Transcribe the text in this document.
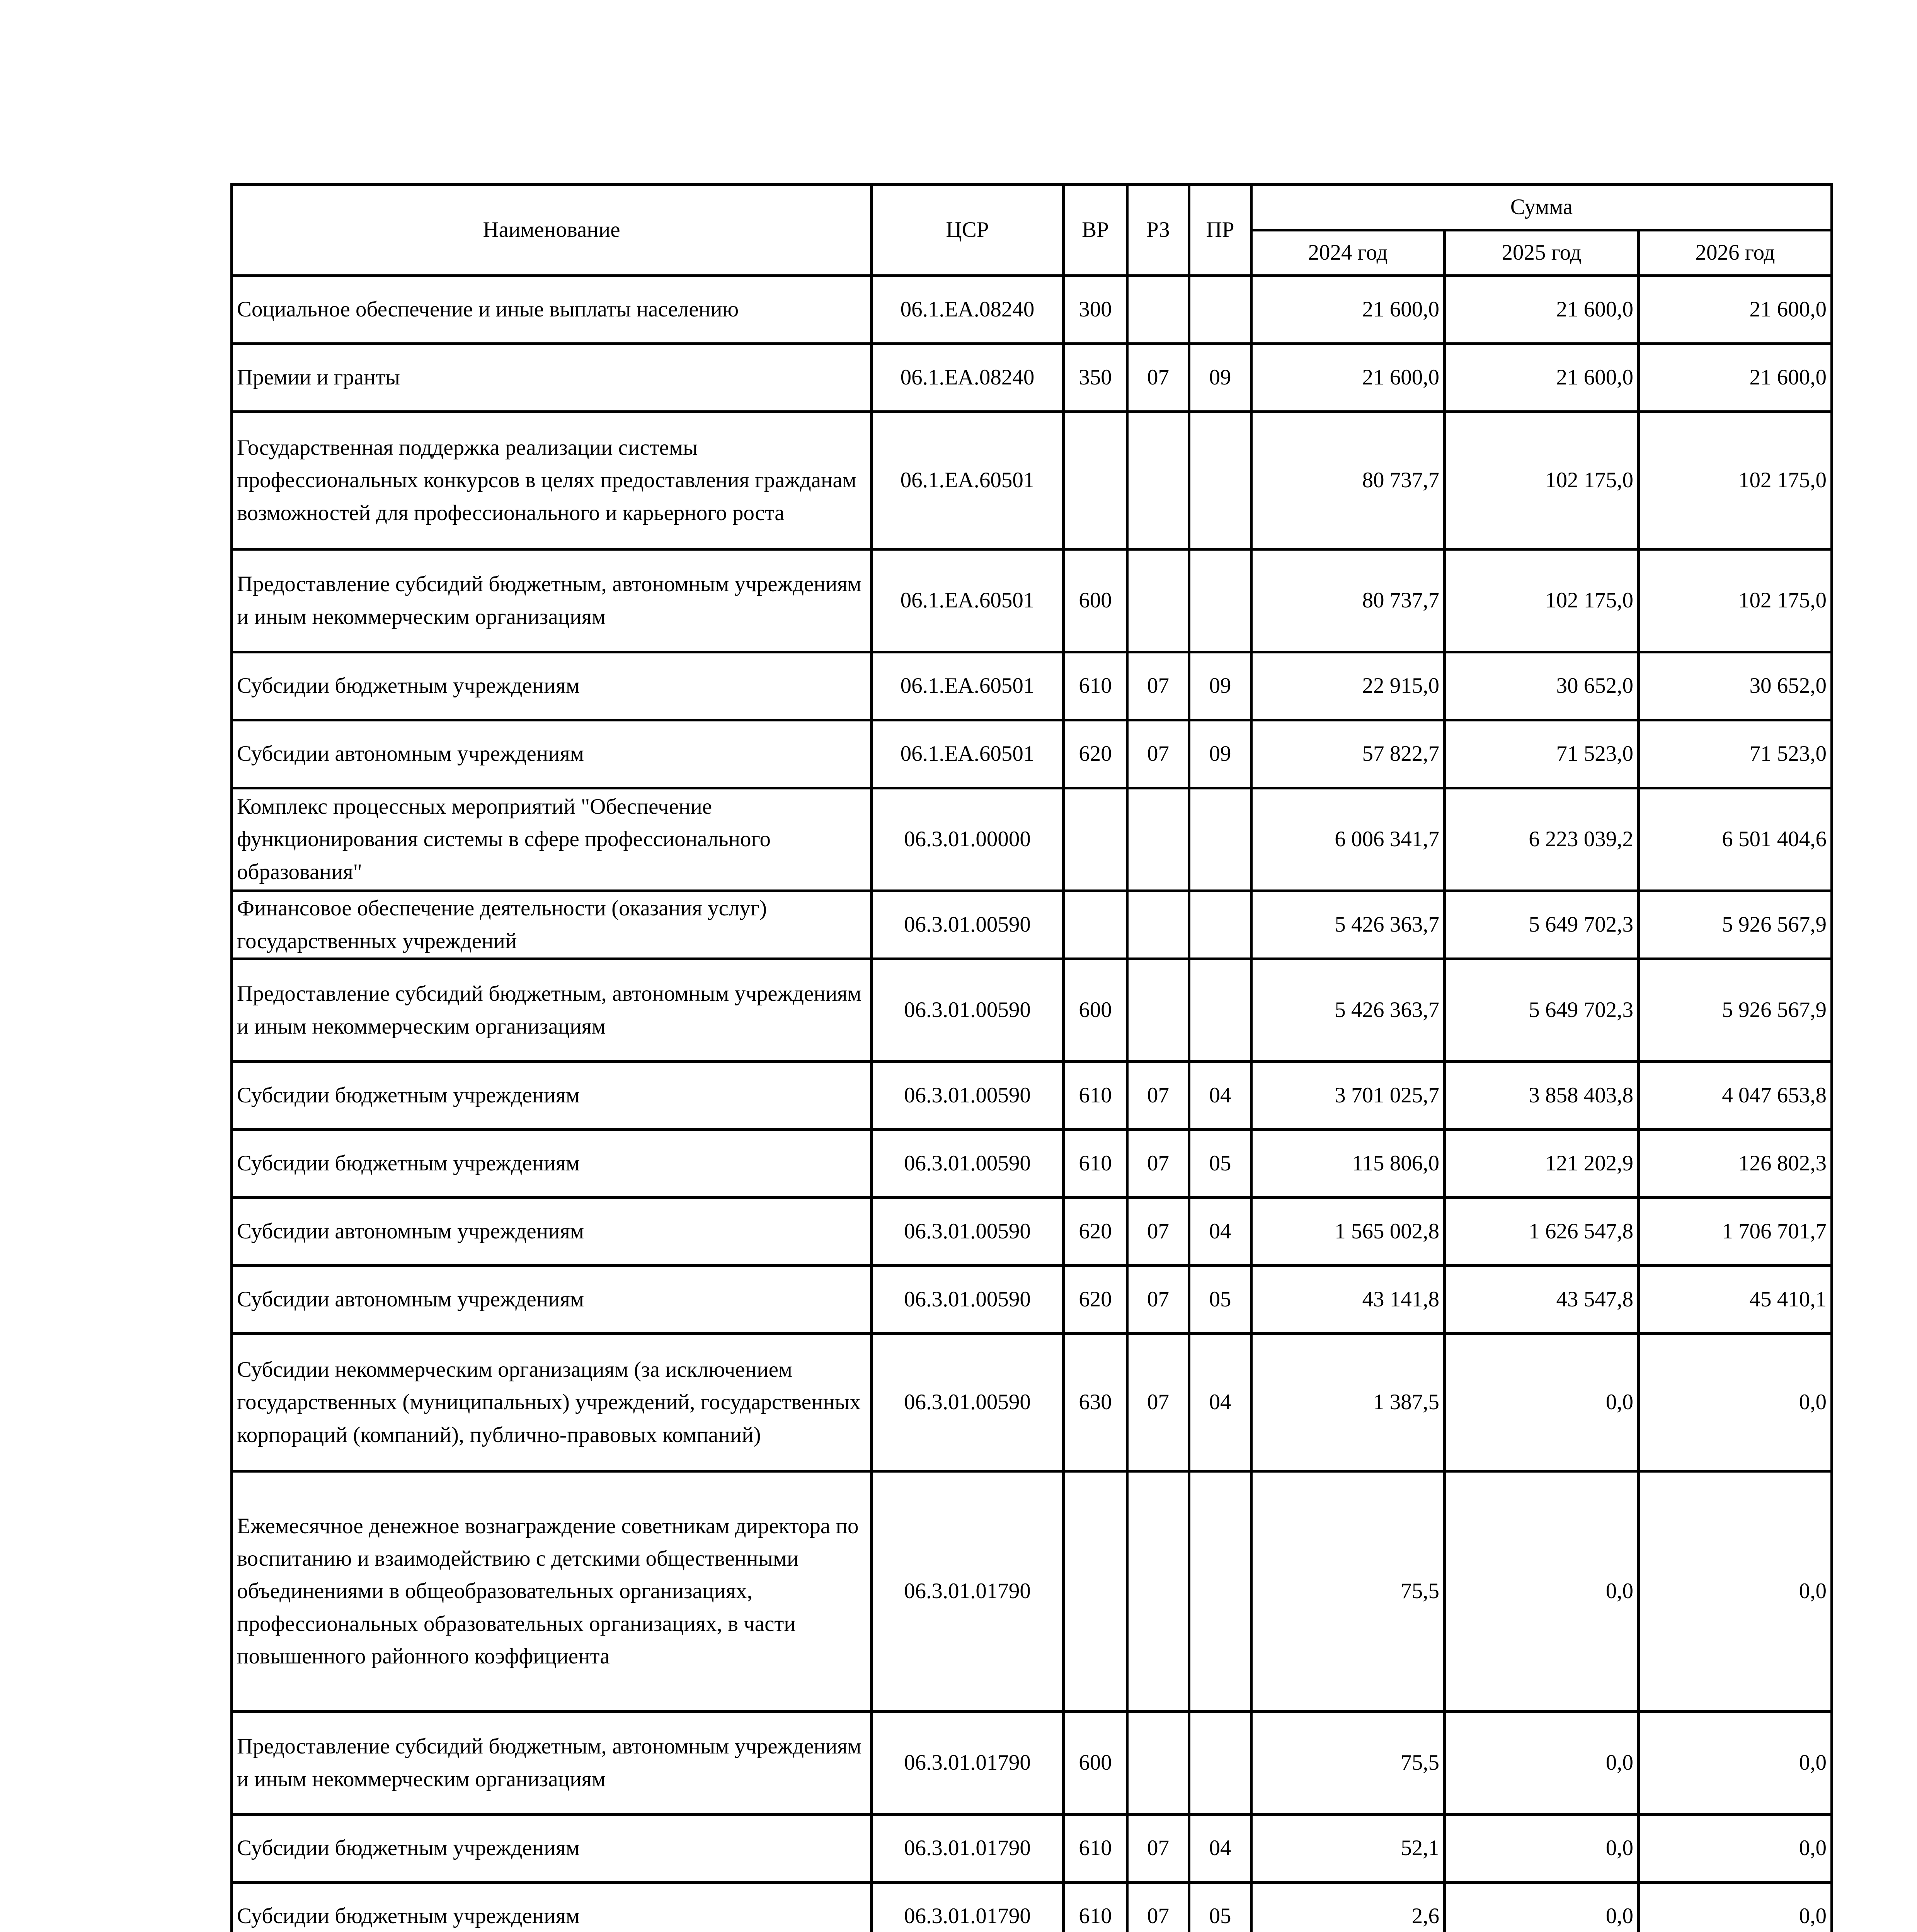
Наименование	ЦСР	ВР	РЗ	ПР	Сумма		
					2024 год	2025 год	2026 год
Социальное обеспечение и иные выплаты населению	06.1.ЕА.08240	300			21 600,0	21 600,0	21 600,0
Премии и гранты	06.1.ЕА.08240	350	07	09	21 600,0	21 600,0	21 600,0
Государственная поддержка реализации системы профессиональных конкурсов в целях предоставления гражданам возможностей для профессионального и карьерного роста	06.1.ЕА.60501				80 737,7	102 175,0	102 175,0
Предоставление субсидий бюджетным, автономным учреждениям и иным некоммерческим организациям	06.1.ЕА.60501	600			80 737,7	102 175,0	102 175,0
Субсидии бюджетным учреждениям	06.1.ЕА.60501	610	07	09	22 915,0	30 652,0	30 652,0
Субсидии автономным учреждениям	06.1.ЕА.60501	620	07	09	57 822,7	71 523,0	71 523,0
Комплекс процессных мероприятий "Обеспечение функционирования системы в сфере профессионального образования"	06.3.01.00000				6 006 341,7	6 223 039,2	6 501 404,6
Финансовое обеспечение деятельности (оказания услуг) государственных учреждений	06.3.01.00590				5 426 363,7	5 649 702,3	5 926 567,9
Предоставление субсидий бюджетным, автономным учреждениям и иным некоммерческим организациям	06.3.01.00590	600			5 426 363,7	5 649 702,3	5 926 567,9
Субсидии бюджетным учреждениям	06.3.01.00590	610	07	04	3 701 025,7	3 858 403,8	4 047 653,8
Субсидии бюджетным учреждениям	06.3.01.00590	610	07	05	115 806,0	121 202,9	126 802,3
Субсидии автономным учреждениям	06.3.01.00590	620	07	04	1 565 002,8	1 626 547,8	1 706 701,7
Субсидии автономным учреждениям	06.3.01.00590	620	07	05	43 141,8	43 547,8	45 410,1
Субсидии некоммерческим организациям (за исключением государственных (муниципальных) учреждений, государственных корпораций (компаний), публично-правовых компаний)	06.3.01.00590	630	07	04	1 387,5	0,0	0,0
Ежемесячное денежное вознаграждение советникам директора по воспитанию и взаимодействию с детскими общественными объединениями в общеобразовательных организациях, профессиональных образовательных организациях, в части повышенного районного коэффициента	06.3.01.01790				75,5	0,0	0,0
Предоставление субсидий бюджетным, автономным учреждениям и иным некоммерческим организациям	06.3.01.01790	600			75,5	0,0	0,0
Субсидии бюджетным учреждениям	06.3.01.01790	610	07	04	52,1	0,0	0,0
Субсидии бюджетным учреждениям	06.3.01.01790	610	07	05	2,6	0,0	0,0
